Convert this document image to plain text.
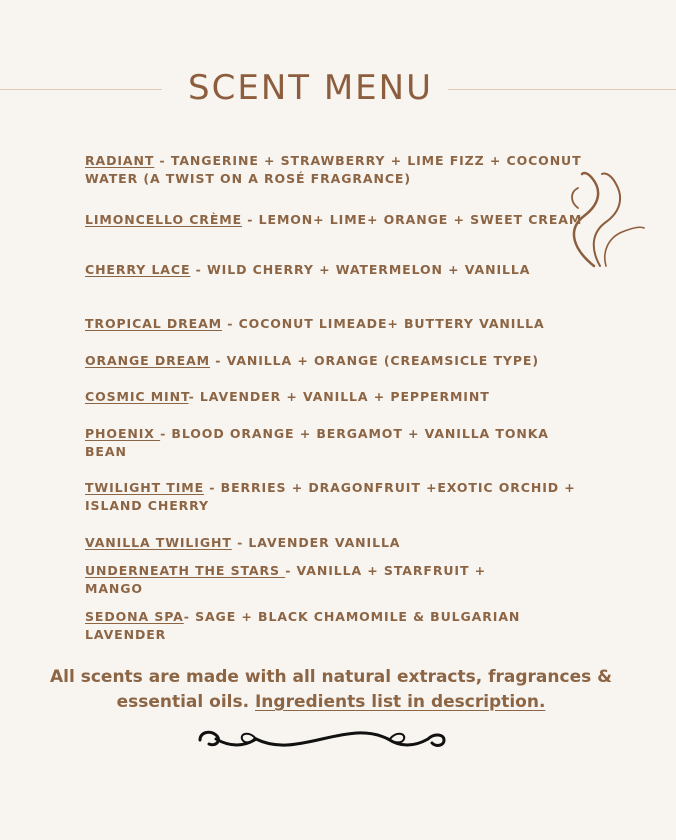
SCENT MENU
RADIANT - TANGERINE + STRAWBERRY + LIME FIZZ + COCONUT WATER (A TWIST ON A ROSÉ FRAGRANCE)
LIMONCELLO CRÈME - LEMON+ LIME+ ORANGE + SWEET CREAM
CHERRY LACE - WILD CHERRY + WATERMELON + VANILLA
TROPICAL DREAM - COCONUT LIMEADE+ BUTTERY VANILLA
ORANGE DREAM - VANILLA + ORANGE (CREAMSICLE TYPE)
COSMIC MINT- LAVENDER + VANILLA + PEPPERMINT
PHOENIX - BLOOD ORANGE + BERGAMOT + VANILLA TONKA BEAN
TWILIGHT TIME - BERRIES + DRAGONFRUIT +EXOTIC ORCHID + ISLAND CHERRY
VANILLA TWILIGHT - LAVENDER VANILLA
UNDERNEATH THE STARS - VANILLA + STARFRUIT + MANGO
SEDONA SPA- SAGE + BLACK CHAMOMILE & BULGARIAN LAVENDER
All scents are made with all natural extracts, fragrances & essential oils. Ingredients list in description.
